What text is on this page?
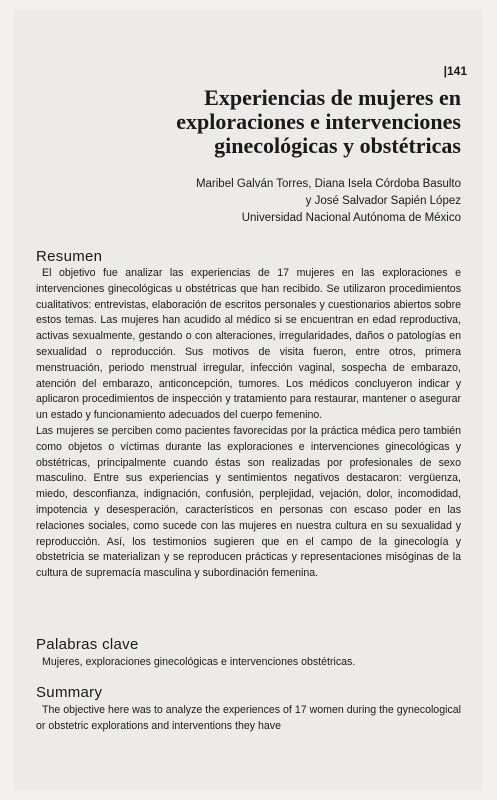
|141
Experiencias de mujeres en
exploraciones e intervenciones
ginecológicas y obstétricas
Maribel Galván Torres, Diana Isela Córdoba Basulto
y José Salvador Sapién López
Universidad Nacional Autónoma de México
Resumen

El objetivo fue analizar las experiencias de 17 mujeres en las exploraciones e intervenciones ginecológicas u obstétricas que han recibido. Se utilizaron procedimientos cualitativos: entrevistas, elaboración de escritos personales y cuestionarios abiertos sobre estos temas. Las mujeres han acudido al médico si se encuentran en edad reproductiva, activas sexualmente, gestando o con alteraciones, irregularidades, daños o patologías en sexualidad o reproducción. Sus motivos de visita fueron, entre otros, primera menstruación, periodo menstrual irregular, infección vaginal, sospecha de embarazo, atención del embarazo, anticoncepción, tumores. Los médicos concluyeron indicar y aplicaron procedimientos de inspección y tratamiento para restaurar, mantener o asegurar un estado y funcionamiento adecuados del cuerpo femenino.

Las mujeres se perciben como pacientes favorecidas por la práctica médica pero también como objetos o víctimas durante las exploraciones e intervenciones ginecológicas y obstétricas, principalmente cuando éstas son realizadas por profesionales de sexo masculino. Entre sus experiencias y sentimientos negativos destacaron: vergüenza, miedo, desconfianza, indignación, confusión, perplejidad, vejación, dolor, incomodidad, impotencia y desesperación, característicos en personas con escaso poder en las relaciones sociales, como sucede con las mujeres en nuestra cultura en su sexualidad y reproducción. Así, los testimonios sugieren que en el campo de la ginecología y obstetricia se materializan y se reproducen prácticas y representaciones misóginas de la cultura de supremacía masculina y subordinación femenina.

Palabras clave

Mujeres, exploraciones ginecológicas e intervenciones obstétricas.

Summary

The objective here was to analyze the experiences of 17 women during the gynecological or obstetric explorations and interventions they have
